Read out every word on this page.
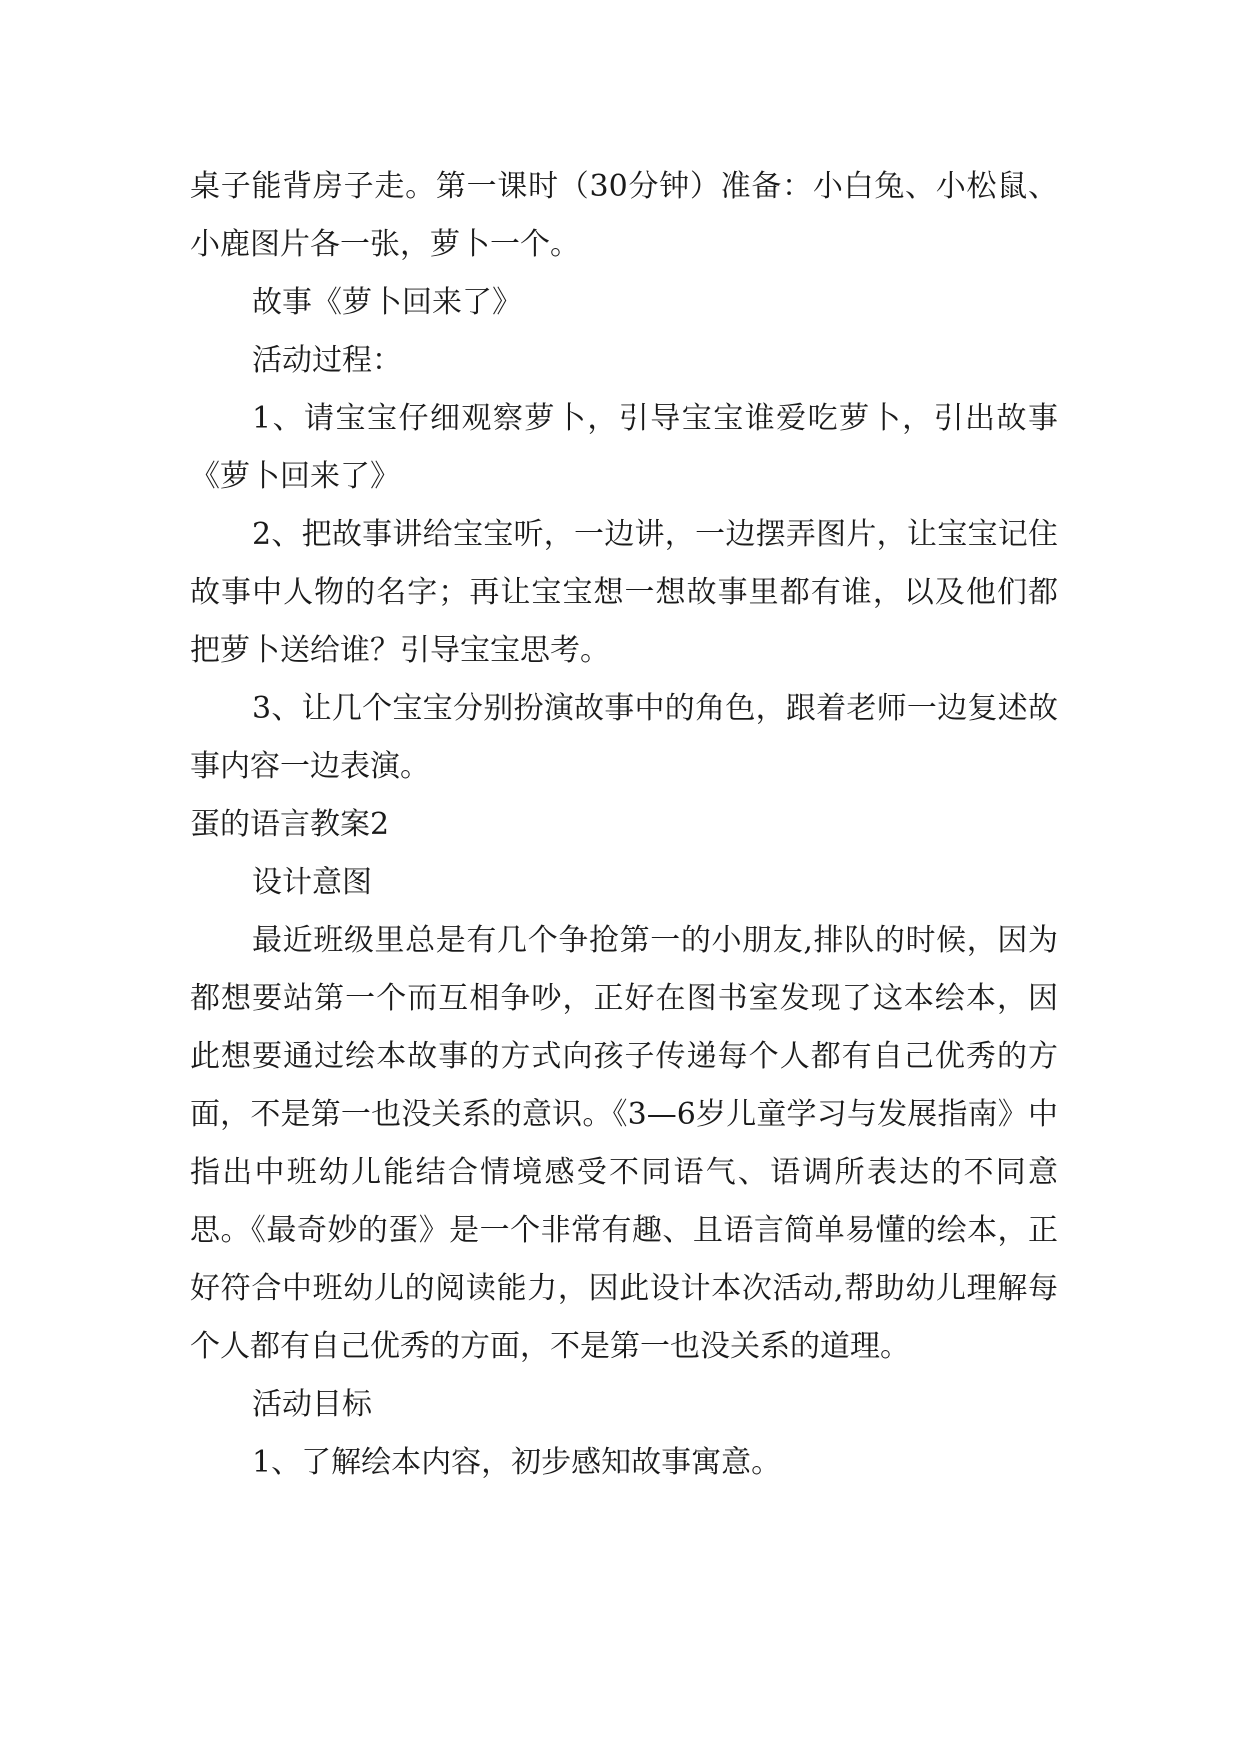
桌子能背房子走。第一课时（30分钟）准备：小白兔、小松鼠、小鹿图片各一张，萝卜一个。

故事《萝卜回来了》

活动过程：

1、请宝宝仔细观察萝卜，引导宝宝谁爱吃萝卜，引出故事《萝卜回来了》

2、把故事讲给宝宝听，一边讲，一边摆弄图片，让宝宝记住故事中人物的名字；再让宝宝想一想故事里都有谁，以及他们都把萝卜送给谁？引导宝宝思考。

3、让几个宝宝分别扮演故事中的角色，跟着老师一边复述故事内容一边表演。

蛋的语言教案2

设计意图

最近班级里总是有几个争抢第一的小朋友,排队的时候，因为都想要站第一个而互相争吵，正好在图书室发现了这本绘本，因此想要通过绘本故事的方式向孩子传递每个人都有自己优秀的方面，不是第一也没关系的意识。《3—6岁儿童学习与发展指南》中指出中班幼儿能结合情境感受不同语气、语调所表达的不同意思。《最奇妙的蛋》是一个非常有趣、且语言简单易懂的绘本，正好符合中班幼儿的阅读能力，因此设计本次活动,帮助幼儿理解每个人都有自己优秀的方面，不是第一也没关系的道理。

活动目标

1、了解绘本内容，初步感知故事寓意。
